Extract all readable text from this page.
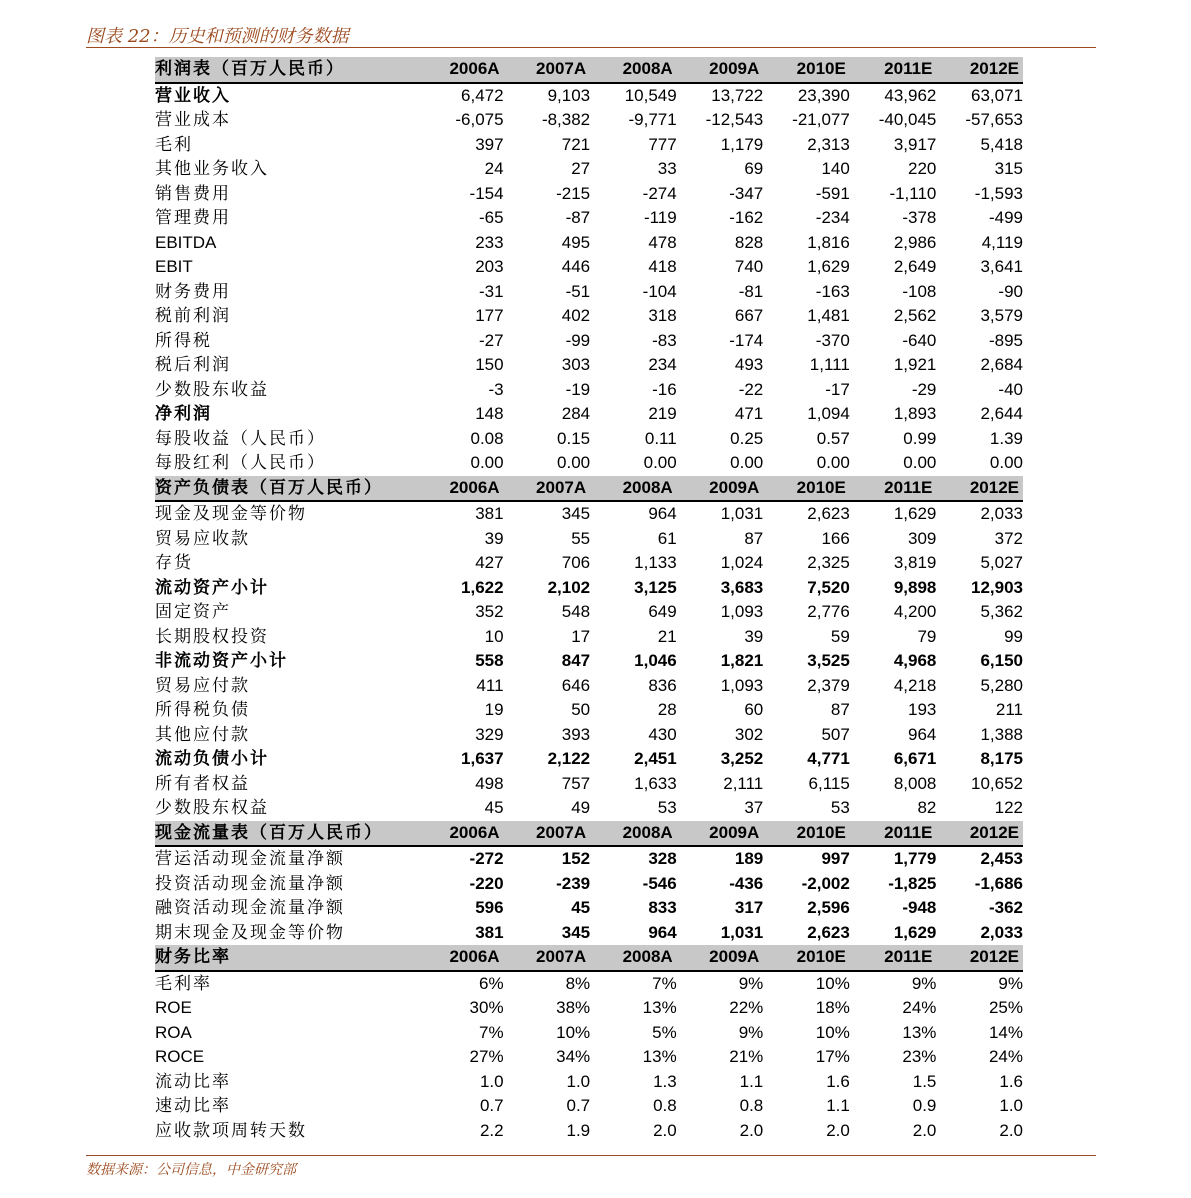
图表 22：历史和预测的财务数据
利润表（百万人民币）	2006A	2007A	2008A	2009A	2010E	2011E	2012E
营业收入	6,472	9,103	10,549	13,722	23,390	43,962	63,071
营业成本	-6,075	-8,382	-9,771	-12,543	-21,077	-40,045	-57,653
毛利	397	721	777	1,179	2,313	3,917	5,418
其他业务收入	24	27	33	69	140	220	315
销售费用	-154	-215	-274	-347	-591	-1,110	-1,593
管理费用	-65	-87	-119	-162	-234	-378	-499
EBITDA	233	495	478	828	1,816	2,986	4,119
EBIT	203	446	418	740	1,629	2,649	3,641
财务费用	-31	-51	-104	-81	-163	-108	-90
税前利润	177	402	318	667	1,481	2,562	3,579
所得税	-27	-99	-83	-174	-370	-640	-895
税后利润	150	303	234	493	1,111	1,921	2,684
少数股东收益	-3	-19	-16	-22	-17	-29	-40
净利润	148	284	219	471	1,094	1,893	2,644
每股收益（人民币）	0.08	0.15	0.11	0.25	0.57	0.99	1.39
每股红利（人民币）	0.00	0.00	0.00	0.00	0.00	0.00	0.00
资产负债表（百万人民币）	2006A	2007A	2008A	2009A	2010E	2011E	2012E
现金及现金等价物	381	345	964	1,031	2,623	1,629	2,033
贸易应收款	39	55	61	87	166	309	372
存货	427	706	1,133	1,024	2,325	3,819	5,027
流动资产小计	1,622	2,102	3,125	3,683	7,520	9,898	12,903
固定资产	352	548	649	1,093	2,776	4,200	5,362
长期股权投资	10	17	21	39	59	79	99
非流动资产小计	558	847	1,046	1,821	3,525	4,968	6,150
贸易应付款	411	646	836	1,093	2,379	4,218	5,280
所得税负债	19	50	28	60	87	193	211
其他应付款	329	393	430	302	507	964	1,388
流动负债小计	1,637	2,122	2,451	3,252	4,771	6,671	8,175
所有者权益	498	757	1,633	2,111	6,115	8,008	10,652
少数股东权益	45	49	53	37	53	82	122
现金流量表（百万人民币）	2006A	2007A	2008A	2009A	2010E	2011E	2012E
营运活动现金流量净额	-272	152	328	189	997	1,779	2,453
投资活动现金流量净额	-220	-239	-546	-436	-2,002	-1,825	-1,686
融资活动现金流量净额	596	45	833	317	2,596	-948	-362
期末现金及现金等价物	381	345	964	1,031	2,623	1,629	2,033
财务比率	2006A	2007A	2008A	2009A	2010E	2011E	2012E
毛利率	6%	8%	7%	9%	10%	9%	9%
ROE	30%	38%	13%	22%	18%	24%	25%
ROA	7%	10%	5%	9%	10%	13%	14%
ROCE	27%	34%	13%	21%	17%	23%	24%
流动比率	1.0	1.0	1.3	1.1	1.6	1.5	1.6
速动比率	0.7	0.7	0.8	0.8	1.1	0.9	1.0
应收款项周转天数	2.2	1.9	2.0	2.0	2.0	2.0	2.0
数据来源：公司信息，中金研究部
